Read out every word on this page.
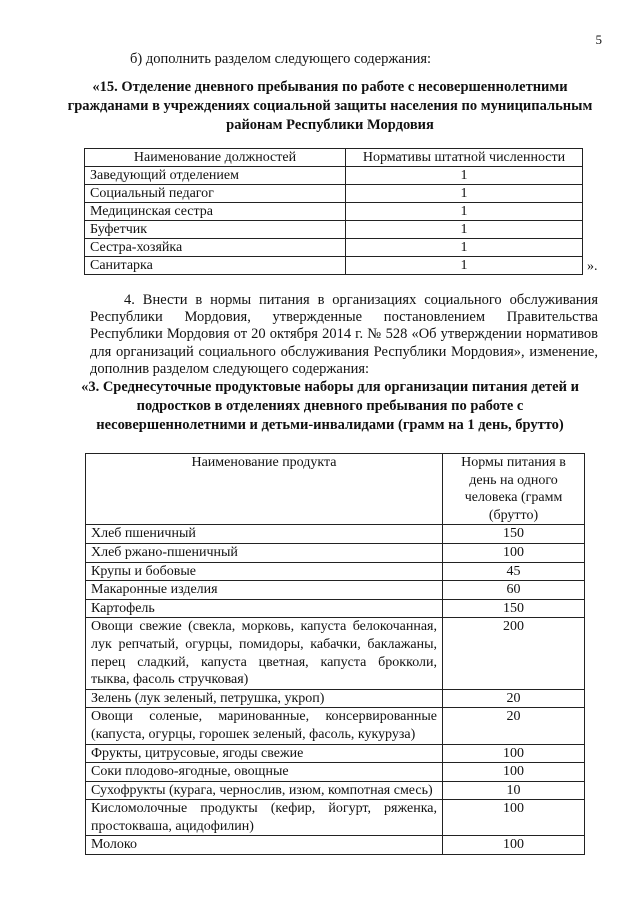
5
б) дополнить разделом следующего содержания:
«15. Отделение дневного пребывания по работе с несовершеннолетними гражданами в учреждениях социальной защиты населения по муниципальным районам Республики Мордовия
Наименование должностей	Нормативы штатной численности
Заведующий отделением	1
Социальный педагог	1
Медицинская сестра	1
Буфетчик	1
Сестра-хозяйка	1
Санитарка	1	».

4. Внести в нормы питания в организациях социального обслуживания Республики Мордовия, утвержденные постановлением Правительства Республики Мордовия от 20 октября 2014 г. № 528 «Об утверждении нормативов для организаций социального обслуживания Республики Мордовия», изменение, дополнив разделом следующего содержания:

«3. Среднесуточные продуктовые наборы для организации питания детей и подростков в отделениях дневного пребывания по работе с несовершеннолетними и детьми-инвалидами (грамм на 1 день, брутто)
Наименование продукта	Нормы питания в день на одного человека (грамм (брутто)
Хлеб пшеничный	150
Хлеб ржано-пшеничный	100
Крупы и бобовые	45
Макаронные изделия	60
Картофель	150
Овощи свежие (свекла, морковь, капуста белокочанная, лук репчатый, огурцы, помидоры, кабачки, баклажаны, перец сладкий, капуста цветная, капуста брокколи, тыква, фасоль стручковая)	200
Зелень (лук зеленый, петрушка, укроп)	20
Овощи соленые, маринованные, консервированные (капуста, огурцы, горошек зеленый, фасоль, кукуруза)	20
Фрукты, цитрусовые, ягоды свежие	100
Соки плодово-ягодные, овощные	100
Сухофрукты (курага, чернослив, изюм, компотная смесь)	10
Кисломолочные продукты (кефир, йогурт, ряженка, простокваша, ацидофилин)	100
Молоко	100
